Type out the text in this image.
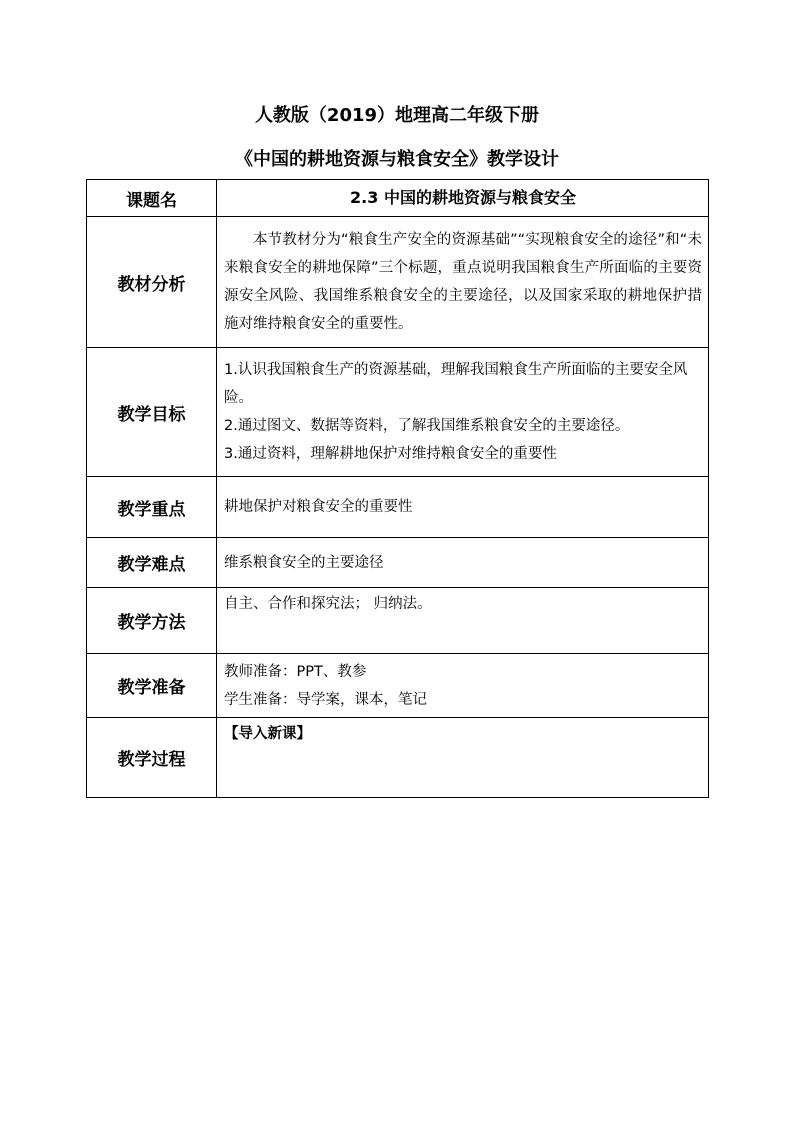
人教版（2019）地理高二年级下册
《中国的耕地资源与粮食安全》教学设计
课题名	2.3 中国的耕地资源与粮食安全
教材分析	本节教材分为“粮食生产安全的资源基础”“实现粮食安全的途径”和“未来粮食安全的耕地保障”三个标题，重点说明我国粮食生产所面临的主要资源安全风险、我国维系粮食安全的主要途径，以及国家采取的耕地保护措施对维持粮食安全的重要性。

教学目标	1.认识我国粮食生产的资源基础，理解我国粮食生产所面临的主要安全风险。
2.通过图文、数据等资料，了解我国维系粮食安全的主要途径。
3.通过资料，理解耕地保护对维持粮食安全的重要性

教学重点	耕地保护对粮食安全的重要性
教学难点	维系粮食安全的主要途径
教学方法	自主、合作和探究法； 归纳法。
教学准备	教师准备：PPT、教参
学生准备：导学案，课本，笔记

教学过程	【导入新课】
